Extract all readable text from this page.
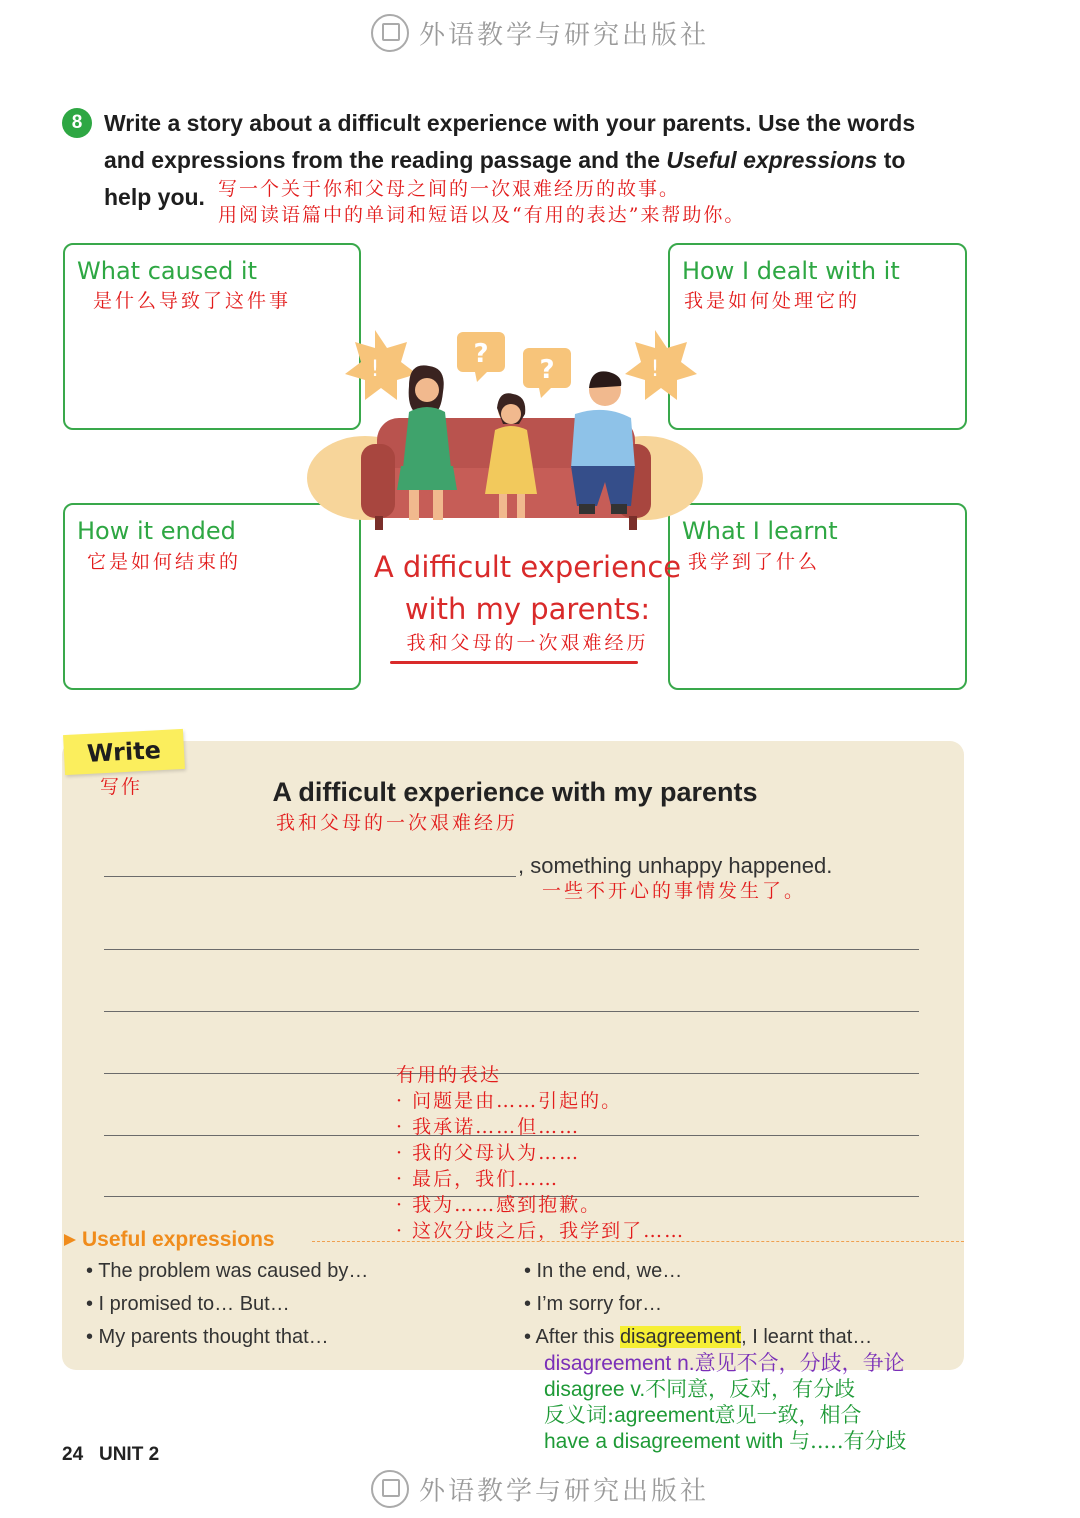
外语教学与研究出版社
8 Write a story about a difficult experience with your parents. Use the words
and expressions from the reading passage and the Useful expressions to
help you. 写一个关于你和父母之间的一次艰难经历的故事。
用阅读语篇中的单词和短语以及“有用的表达”来帮助你。
What caused it
是什么导致了这件事
How I dealt with it
我是如何处理它的
How it ended
它是如何结束的
What I learnt
我学到了什么
!	!
?
?
A difficult experience
with my parents:
我和父母的一次艰难经历
Write
写作	A difficult experience with my parents
我和父母的一次艰难经历
, something unhappy happened.
一些不开心的事情发生了。
有用的表达
· 问题是由……引起的。
· 我承诺……但……
· 我的父母认为……
· 最后，我们……
· 我为……感到抱歉。
· 这次分歧之后，我学到了……
Useful expressions
• The problem was caused by…
• I promised to… But…
• My parents thought that…
• In the end, we…
• I’m sorry for…
• After this disagreement, I learnt that…
disagreement n.意见不合，分歧，争论
disagree v.不同意，反对，有分歧
反义词:agreement意见一致，相合
have a disagreement with 与.....有分歧
24 UNIT 2
外语教学与研究出版社
